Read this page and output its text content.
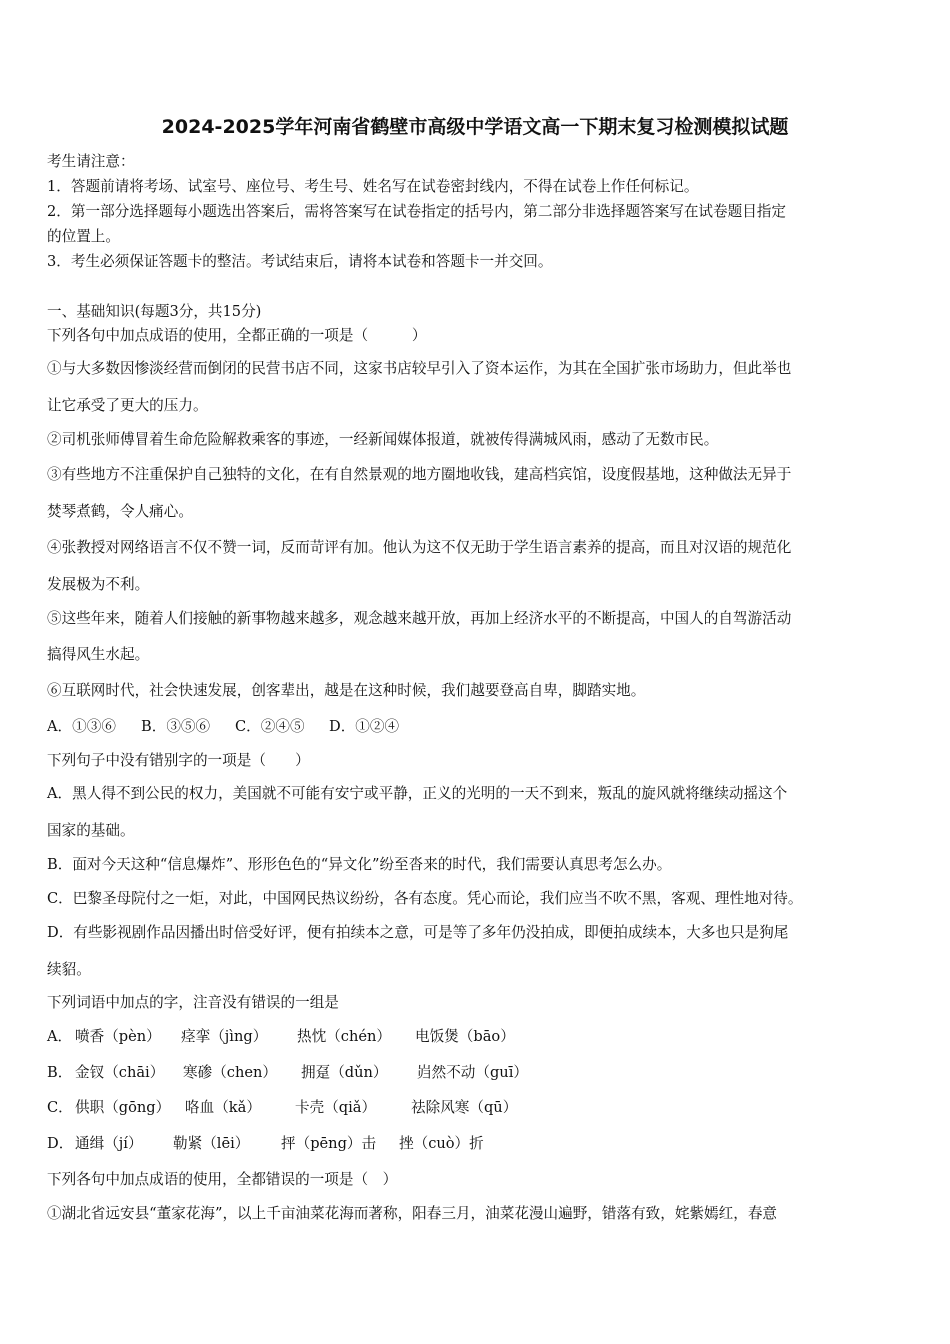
2024-2025学年河南省鹤壁市高级中学语文高一下期末复习检测模拟试题
考生请注意：
1．答题前请将考场、试室号、座位号、考生号、姓名写在试卷密封线内，不得在试卷上作任何标记。
2．第一部分选择题每小题选出答案后，需将答案写在试卷指定的括号内，第二部分非选择题答案写在试卷题目指定
的位置上。
3．考生必须保证答题卡的整洁。考试结束后，请将本试卷和答题卡一并交回。
一、基础知识(每题3分，共15分)
下列各句中加点成语的使用，全都正确的一项是（　　　）
①与大多数因惨淡经营而倒闭的民营书店不同，这家书店较早引入了资本运作，为其在全国扩张市场助力，但此举也
让它承受了更大的压力。
②司机张师傅冒着生命危险解救乘客的事迹，一经新闻媒体报道，就被传得满城风雨，感动了无数市民。
③有些地方不注重保护自己独特的文化，在有自然景观的地方圈地收钱，建高档宾馆，设度假基地，这种做法无异于
焚琴煮鹤，令人痛心。
④张教授对网络语言不仅不赞一词，反而苛评有加。他认为这不仅无助于学生语言素养的提高，而且对汉语的规范化
发展极为不利。
⑤这些年来，随着人们接触的新事物越来越多，观念越来越开放，再加上经济水平的不断提高，中国人的自驾游活动
搞得风生水起。
⑥互联网时代，社会快速发展，创客辈出，越是在这种时候，我们越要登高自卑，脚踏实地。
A．①③⑥ B．③⑤⑥ C．②④⑤ D．①②④
下列句子中没有错别字的一项是（　　）
A．黑人得不到公民的权力，美国就不可能有安宁或平静，正义的光明的一天不到来，叛乱的旋风就将继续动摇这个
国家的基础。
B．面对今天这种“信息爆炸”、形形色色的“异文化”纷至沓来的时代，我们需要认真思考怎么办。
C．巴黎圣母院付之一炬，对此，中国网民热议纷纷，各有态度。凭心而论，我们应当不吹不黑，客观、理性地对待。
D．有些影视剧作品因播出时倍受好评，便有拍续本之意，可是等了多年仍没拍成，即便拍成续本，大多也只是狗尾
续貂。
下列词语中加点的字，注音没有错误的一组是
A． 喷香（pèn） 痉挛（jìng） 热忱（chén） 电饭煲（bāo）
B． 金钗（chāi） 寒碜（chen） 拥趸（dǔn） 岿然不动（guī）
C． 供职（gōng） 咯血（kǎ） 卡壳（qiǎ） 祛除风寒（qū）
D． 通缉（jí） 勒紧（lēi） 抨（pēng）击 挫（cuò）折
下列各句中加点成语的使用，全都错误的一项是（　）
①湖北省远安县“董家花海”，以上千亩油菜花海而著称，阳春三月，油菜花漫山遍野，错落有致，姹紫嫣红，春意
